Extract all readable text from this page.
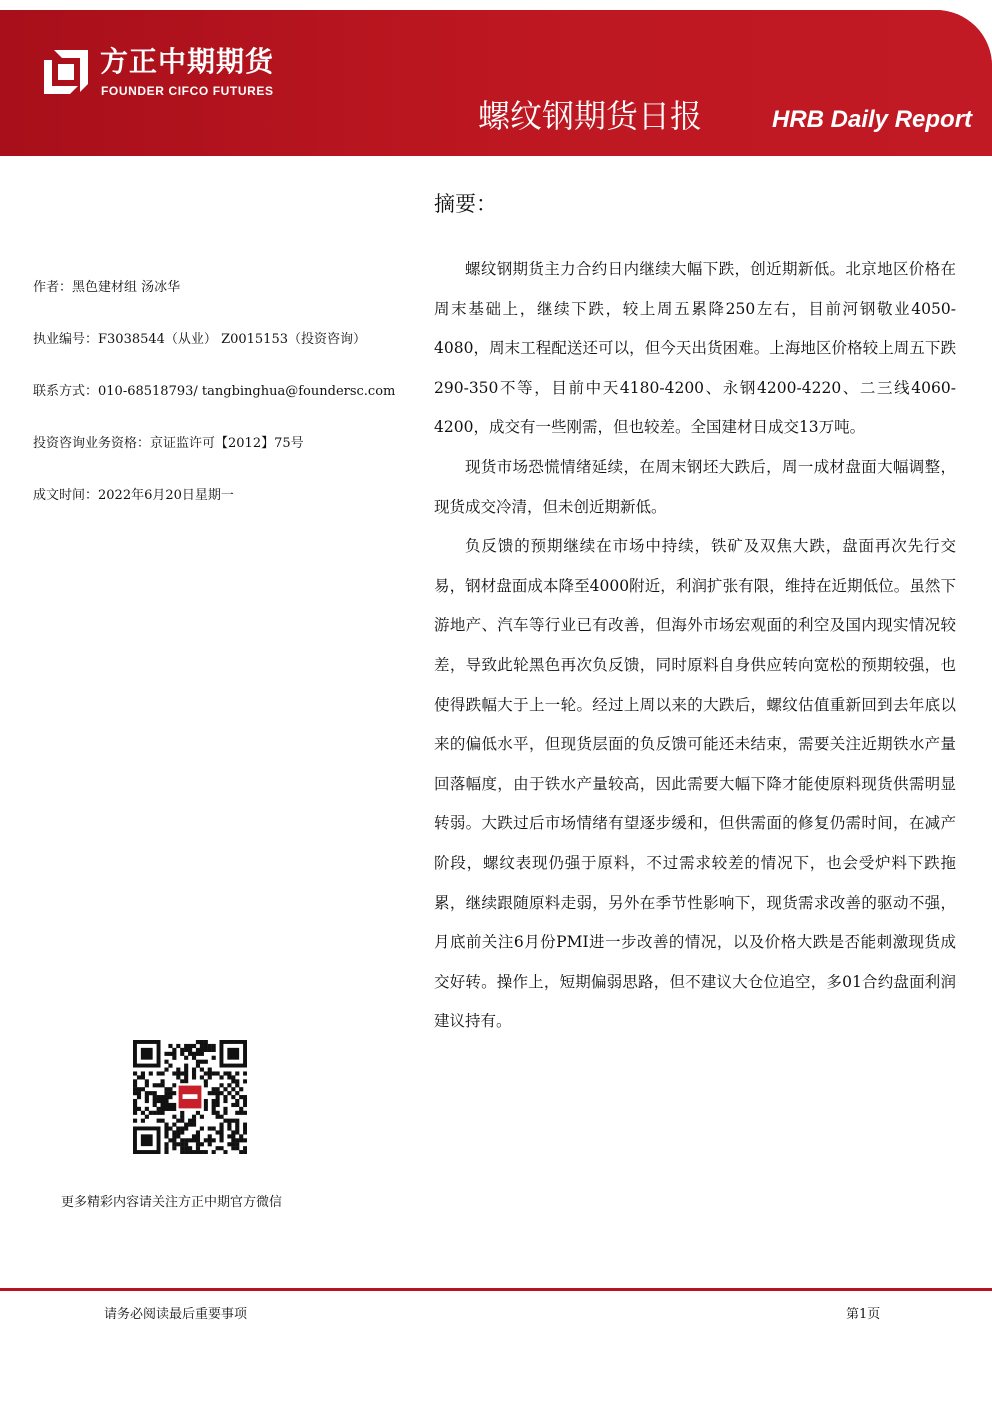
方正中期期货
FOUNDER CIFCO FUTURES
螺纹钢期货日报	HRB Daily Report
作者：黑色建材组 汤冰华
执业编号：F3038544（从业） Z0015153（投资咨询）
联系方式：010-68518793/ tangbinghua@foundersc.com
投资咨询业务资格：京证监许可【2012】75号
成文时间：2022年6月20日星期一
摘要：

螺纹钢期货主力合约日内继续大幅下跌，创近期新低。北京地区价格在周末基础上，继续下跌，较上周五累降250左右，目前河钢敬业4050-4080，周末工程配送还可以，但今天出货困难。上海地区价格较上周五下跌290-350不等，目前中天4180-4200、永钢4200-4220、二三线4060-4200，成交有一些刚需，但也较差。全国建材日成交13万吨。

现货市场恐慌情绪延续，在周末钢坯大跌后，周一成材盘面大幅调整，现货成交冷清，但未创近期新低。

负反馈的预期继续在市场中持续，铁矿及双焦大跌，盘面再次先行交易，钢材盘面成本降至4000附近，利润扩张有限，维持在近期低位。虽然下游地产、汽车等行业已有改善，但海外市场宏观面的利空及国内现实情况较差，导致此轮黑色再次负反馈，同时原料自身供应转向宽松的预期较强，也使得跌幅大于上一轮。经过上周以来的大跌后，螺纹估值重新回到去年底以来的偏低水平，但现货层面的负反馈可能还未结束，需要关注近期铁水产量回落幅度，由于铁水产量较高，因此需要大幅下降才能使原料现货供需明显转弱。大跌过后市场情绪有望逐步缓和，但供需面的修复仍需时间，在减产阶段，螺纹表现仍强于原料，不过需求较差的情况下，也会受炉料下跌拖累，继续跟随原料走弱，另外在季节性影响下，现货需求改善的驱动不强，月底前关注6月份PMI进一步改善的情况，以及价格大跌是否能刺激现货成交好转。操作上，短期偏弱思路，但不建议大仓位追空，多01合约盘面利润建议持有。

更多精彩内容请关注方正中期官方微信
请务必阅读最后重要事项	第1页
